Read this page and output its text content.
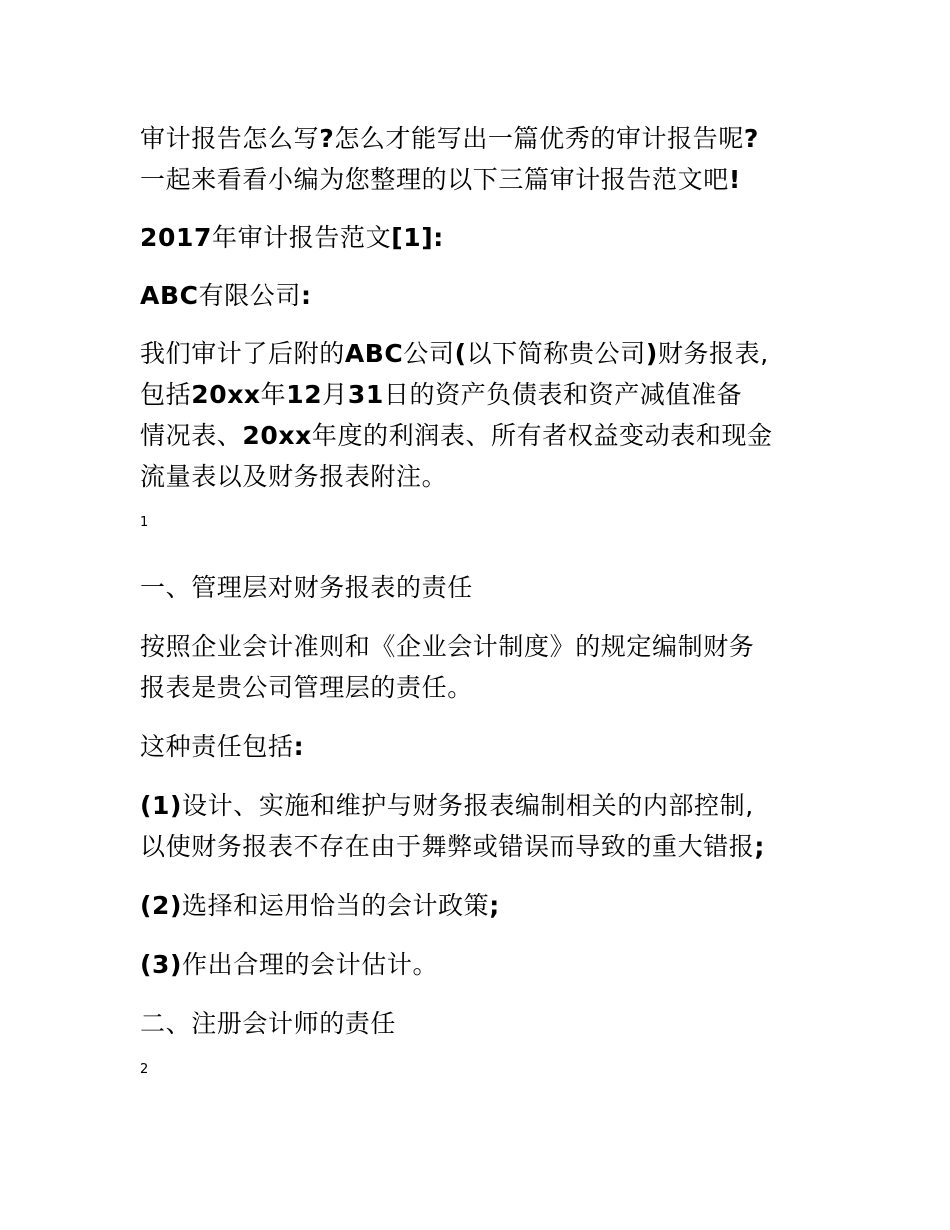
审计报告怎么写?怎么才能写出一篇优秀的审计报告呢?
一起来看看小编为您整理的以下三篇审计报告范文吧!

2017年审计报告范文[1]:

ABC有限公司:

我们审计了后附的ABC公司(以下简称贵公司)财务报表,
包括20xx年12月31日的资产负债表和资产减值准备
情况表、20xx年度的利润表、所有者权益变动表和现金
流量表以及财务报表附注。

1

一、管理层对财务报表的责任

按照企业会计准则和《企业会计制度》的规定编制财务
报表是贵公司管理层的责任。

这种责任包括:

(1)设计、实施和维护与财务报表编制相关的内部控制,
以使财务报表不存在由于舞弊或错误而导致的重大错报;

(2)选择和运用恰当的会计政策;

(3)作出合理的会计估计。

二、注册会计师的责任

2
